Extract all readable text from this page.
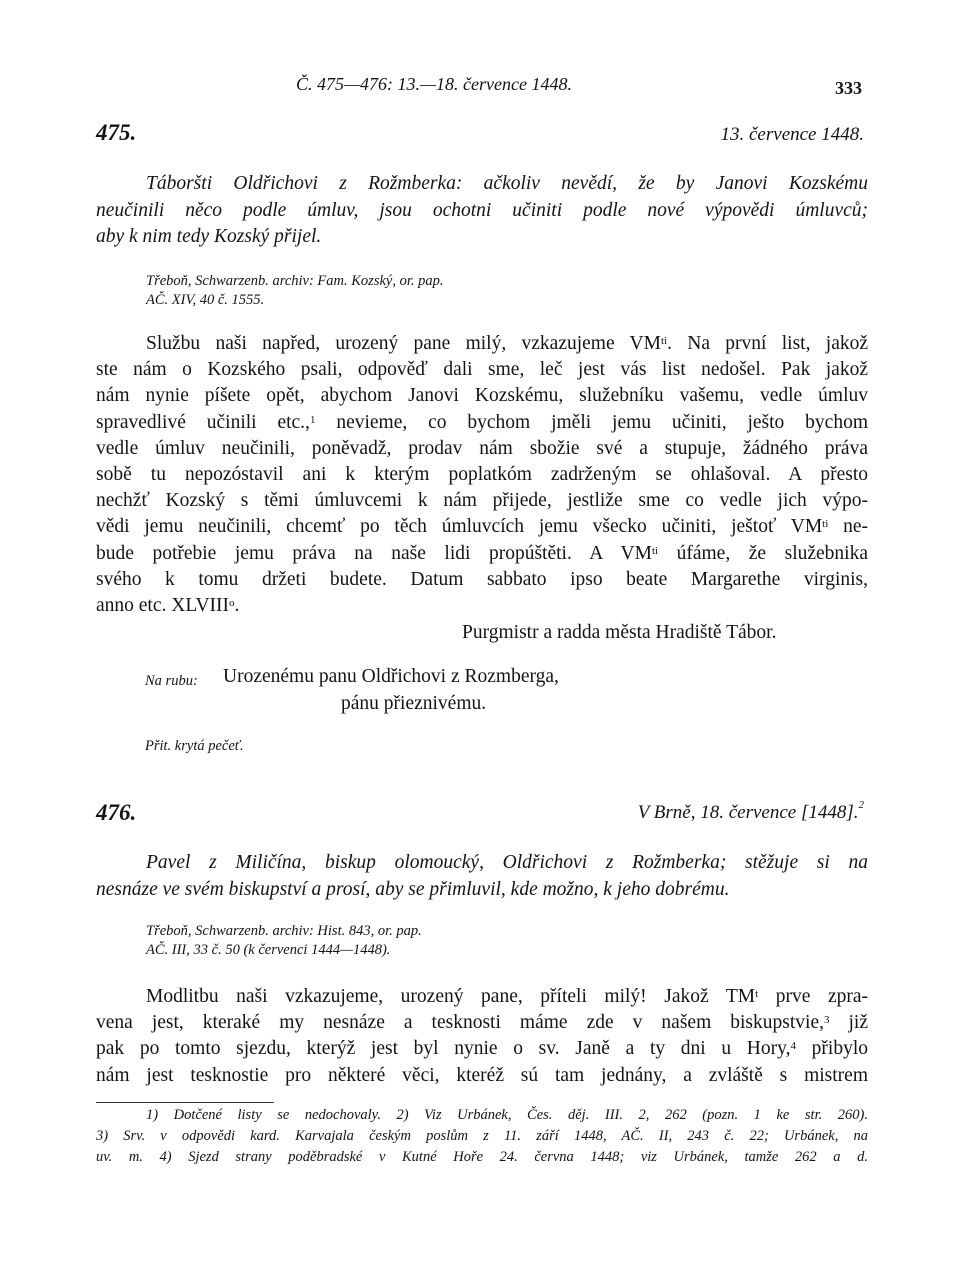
Č. 475—476: 13.—18. července 1448.	333
475.	13. července 1448.
Táboršti Oldřichovi z Rožmberka: ačkoliv nevědí, že by Janovi Kozskému
neučinili něco podle úmluv, jsou ochotni učiniti podle nové výpovědi úmluvců;
aby k nim tedy Kozský přijel.
Třeboň, Schwarzenb. archiv: Fam. Kozský, or. pap.
AČ. XIV, 40 č. 1555.
Službu naši napřed, urozený pane milý, vzkazujeme $VM^{ti}$. Na první list, jakož
ste nám o Kozského psali, odpověď dali sme, leč jest vás list nedošel. Pak jakož
nám nynie píšete opět, abychom Janovi Kozskému, služebníku vašemu, vedle úmluv
spravedlivé učinili etc.,$^1$ nevieme, co bychom jměli jemu učiniti, ješto bychom
vedle úmluv neučinili, poněvadž, prodav nám sbožie své a stupuje, žádného práva
sobě tu nepozóstavil ani k kterým poplatkóm zadrženým se ohlašoval. A přesto
nechžť Kozský s těmi úmluvcemi k nám přijede, jestliže sme co vedle jich výpo-
vědi jemu neučinili, chcemť po těch úmluvcích jemu všecko učiniti, ještoť $VM^{ti}$ ne-
bude potřebie jemu práva na naše lidi propúštěti. A $VM^{ti}$ úfáme, že služebnika
svého k tomu držeti budete. Datum sabbato ipso beate Margarethe virginis,
anno etc. XLVIII$^o$.
Purgmistr a radda města Hradiště Tábor.
Na rubu: Urozenému panu Oldřichovi z Rozmberga,
pánu přieznivému.
Přit. krytá pečeť.
476.	V Brně, 18. července [1448].$^2$
Pavel z Miličína, biskup olomoucký, Oldřichovi z Rožmberka; stěžuje si na
nesnáze ve svém biskupství a prosí, aby se přimluvil, kde možno, k jeho dobrému.
Třeboň, Schwarzenb. archiv: Hist. 843, or. pap.
AČ. III, 33 č. 50 (k červenci 1444—1448).
Modlitbu naši vzkazujeme, urozený pane, příteli milý! Jakož $TM^t$ prve zpra-
vena jest, kteraké my nesnáze a tesknosti máme zde v našem biskupstvie,$^3$ již
pak po tomto sjezdu, kterýž jest byl nynie o sv. Janě a ty dni u Hory,$^4$ přibylo
nám jest tesknostie pro některé věci, kteréž sú tam jednány, a zvláště s mistrem
1) Dotčené listy se nedochovaly. 2) Viz Urbánek, Čes. děj. III. 2, 262 (pozn. 1 ke str. 260).
3) Srv. v odpovědi kard. Karvajala českým poslům z 11. září 1448, AČ. II, 243 č. 22; Urbánek, na
uv. m. 4) Sjezd strany poděbradské v Kutné Hoře 24. června 1448; viz Urbánek, tamže 262 a d.
